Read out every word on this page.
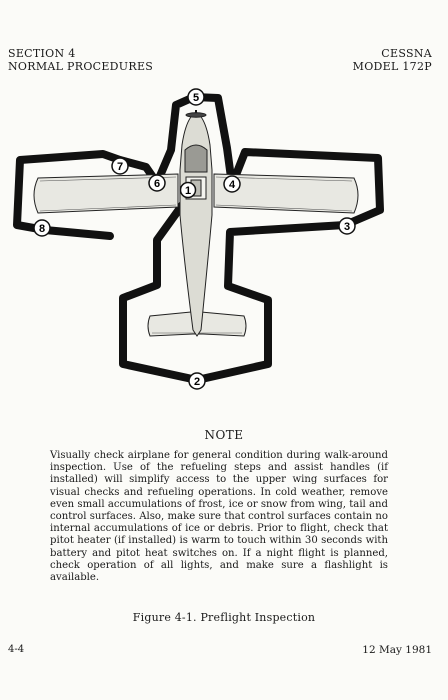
SECTION 4
NORMAL PROCEDURES
CESSNA
MODEL 172P
1
2
3
4
5
6
7
8
NOTE
Visually check airplane for general condition during walk-around inspection. Use of the refueling steps and assist handles (if installed) will simplify access to the upper wing surfaces for visual checks and refueling operations. In cold weather, remove even small accumulations of frost, ice or snow from wing, tail and control surfaces. Also, make sure that control surfaces contain no internal accumulations of ice or debris. Prior to flight, check that pitot heater (if installed) is warm to touch within 30 seconds with battery and pitot heat switches on. If a night flight is planned, check operation of all lights, and make sure a flashlight is available.
Figure 4-1. Preflight Inspection
4-4	12 May 1981
